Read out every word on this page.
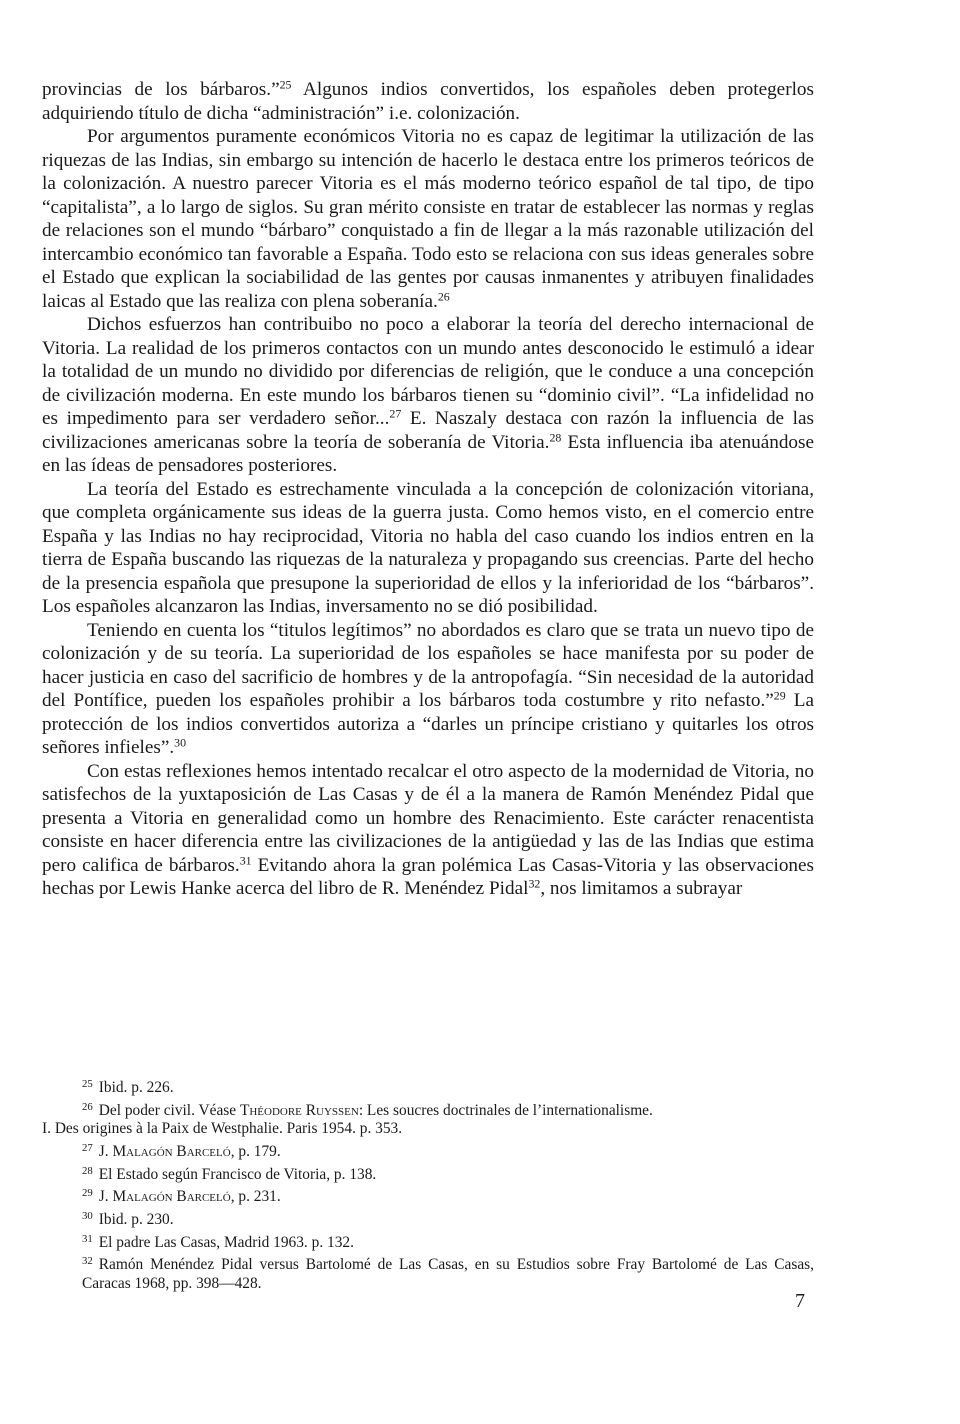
provincias de los bárbaros.”$^{25}$ Algunos indios convertidos, los españoles deben protegerlos adquiriendo título de dicha “administración” i.e. colonización.

Por argumentos puramente económicos Vitoria no es capaz de legitimar la utilización de las riquezas de las Indias, sin embargo su intención de hacerlo le destaca entre los primeros teóricos de la colonización. A nuestro parecer Vitoria es el más moderno teórico español de tal tipo, de tipo “capitalista”, a lo largo de siglos. Su gran mérito consiste en tratar de establecer las normas y reglas de relaciones son el mundo “bárbaro” conquistado a fin de llegar a la más razonable utilización del intercambio económico tan favorable a España. Todo esto se relaciona con sus ideas generales sobre el Estado que explican la sociabilidad de las gentes por causas inmanentes y atribuyen finalidades laicas al Estado que las realiza con plena soberanía.$^{26}$

Dichos esfuerzos han contribuibo no poco a elaborar la teoría del derecho internacional de Vitoria. La realidad de los primeros contactos con un mundo antes desconocido le estimuló a idear la totalidad de un mundo no dividido por diferencias de religión, que le conduce a una concepción de civilización moderna. En este mundo los bárbaros tienen su “dominio civil”. “La infidelidad no es impedimento para ser verdadero señor...$^{27}$ E. Naszaly destaca con razón la influencia de las civilizaciones americanas sobre la teoría de soberanía de Vitoria.$^{28}$ Esta influencia iba atenuándose en las ídeas de pensadores posteriores.

La teoría del Estado es estrechamente vinculada a la concepción de colonización vitoriana, que completa orgánicamente sus ideas de la guerra justa. Como hemos visto, en el comercio entre España y las Indias no hay reciprocidad, Vitoria no habla del caso cuando los indios entren en la tierra de España buscando las riquezas de la naturaleza y propagando sus creencias. Parte del hecho de la presencia española que presupone la superioridad de ellos y la inferioridad de los “bárbaros”. Los españoles alcanzaron las Indias, inversamento no se dió posibilidad.

Teniendo en cuenta los “titulos legítimos” no abordados es claro que se trata un nuevo tipo de colonización y de su teoría. La superioridad de los españoles se hace manifesta por su poder de hacer justicia en caso del sacrificio de hombres y de la antropofagía. “Sin necesidad de la autoridad del Pontífice, pueden los españoles prohibir a los bárbaros toda costumbre y rito nefasto.”$^{29}$ La protección de los indios convertidos autoriza a “darles un príncipe cristiano y quitarles los otros señores infieles”.$^{30}$

Con estas reflexiones hemos intentado recalcar el otro aspecto de la modernidad de Vitoria, no satisfechos de la yuxtaposición de Las Casas y de él a la manera de Ramón Menéndez Pidal que presenta a Vitoria en generalidad como un hombre des Renacimiento. Este carácter renacentista consiste en hacer diferencia entre las civilizaciones de la antigüedad y las de las Indias que estima pero califica de bárbaros.$^{31}$ Evitando ahora la gran polémica Las Casas-Vitoria y las observaciones hechas por Lewis Hanke acerca del libro de R. Menéndez Pidal$^{32}$, nos limitamos a subrayar

$^{25}$ Ibid. p. 226.

$^{26}$ Del poder civil. Véase Théodore Ruyssen: Les soucres doctrinales de l’internationalisme.

I. Des origines à la Paix de Westphalie. Paris 1954. p. 353.

$^{27}$ J. Malagón Barceló, p. 179.

$^{28}$ El Estado según Francisco de Vitoria, p. 138.

$^{29}$ J. Malagón Barceló, p. 231.

$^{30}$ Ibid. p. 230.

$^{31}$ El padre Las Casas, Madrid 1963. p. 132.

$^{32}$ Ramón Menéndez Pidal versus Bartolomé de Las Casas, en su Estudios sobre Fray Bartolomé de Las Casas, Caracas 1968, pp. 398—428.

7
